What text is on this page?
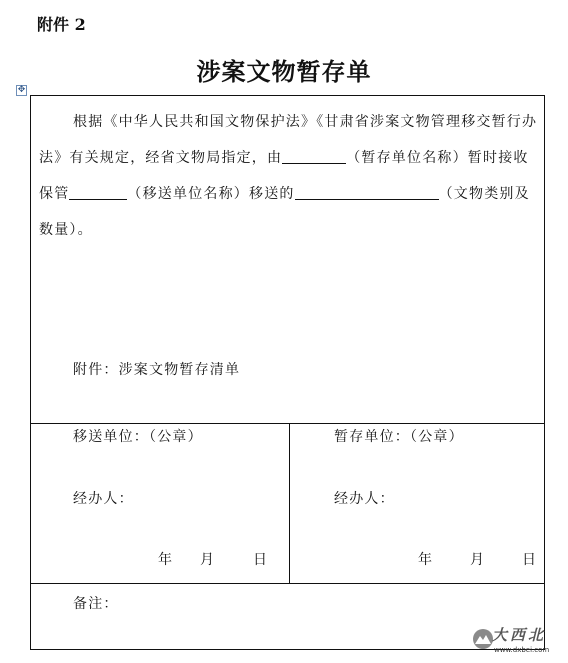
附件 2
涉案文物暂存单
✥
根据《中华人民共和国文物保护法》《甘肃省涉案文物管理移交暂行办法》有关规定，经省文物局指定，由	（暂存单位名称）暂时接收保管	（移送单位名称）移送的	（文物类别及数量）。
附件：涉案文物暂存清单
移送单位：（公章）
经办人：
年 月	日
暂存单位：（公章）
经办人：
年	月	日
备注：
大西北
www.dxbei.com
